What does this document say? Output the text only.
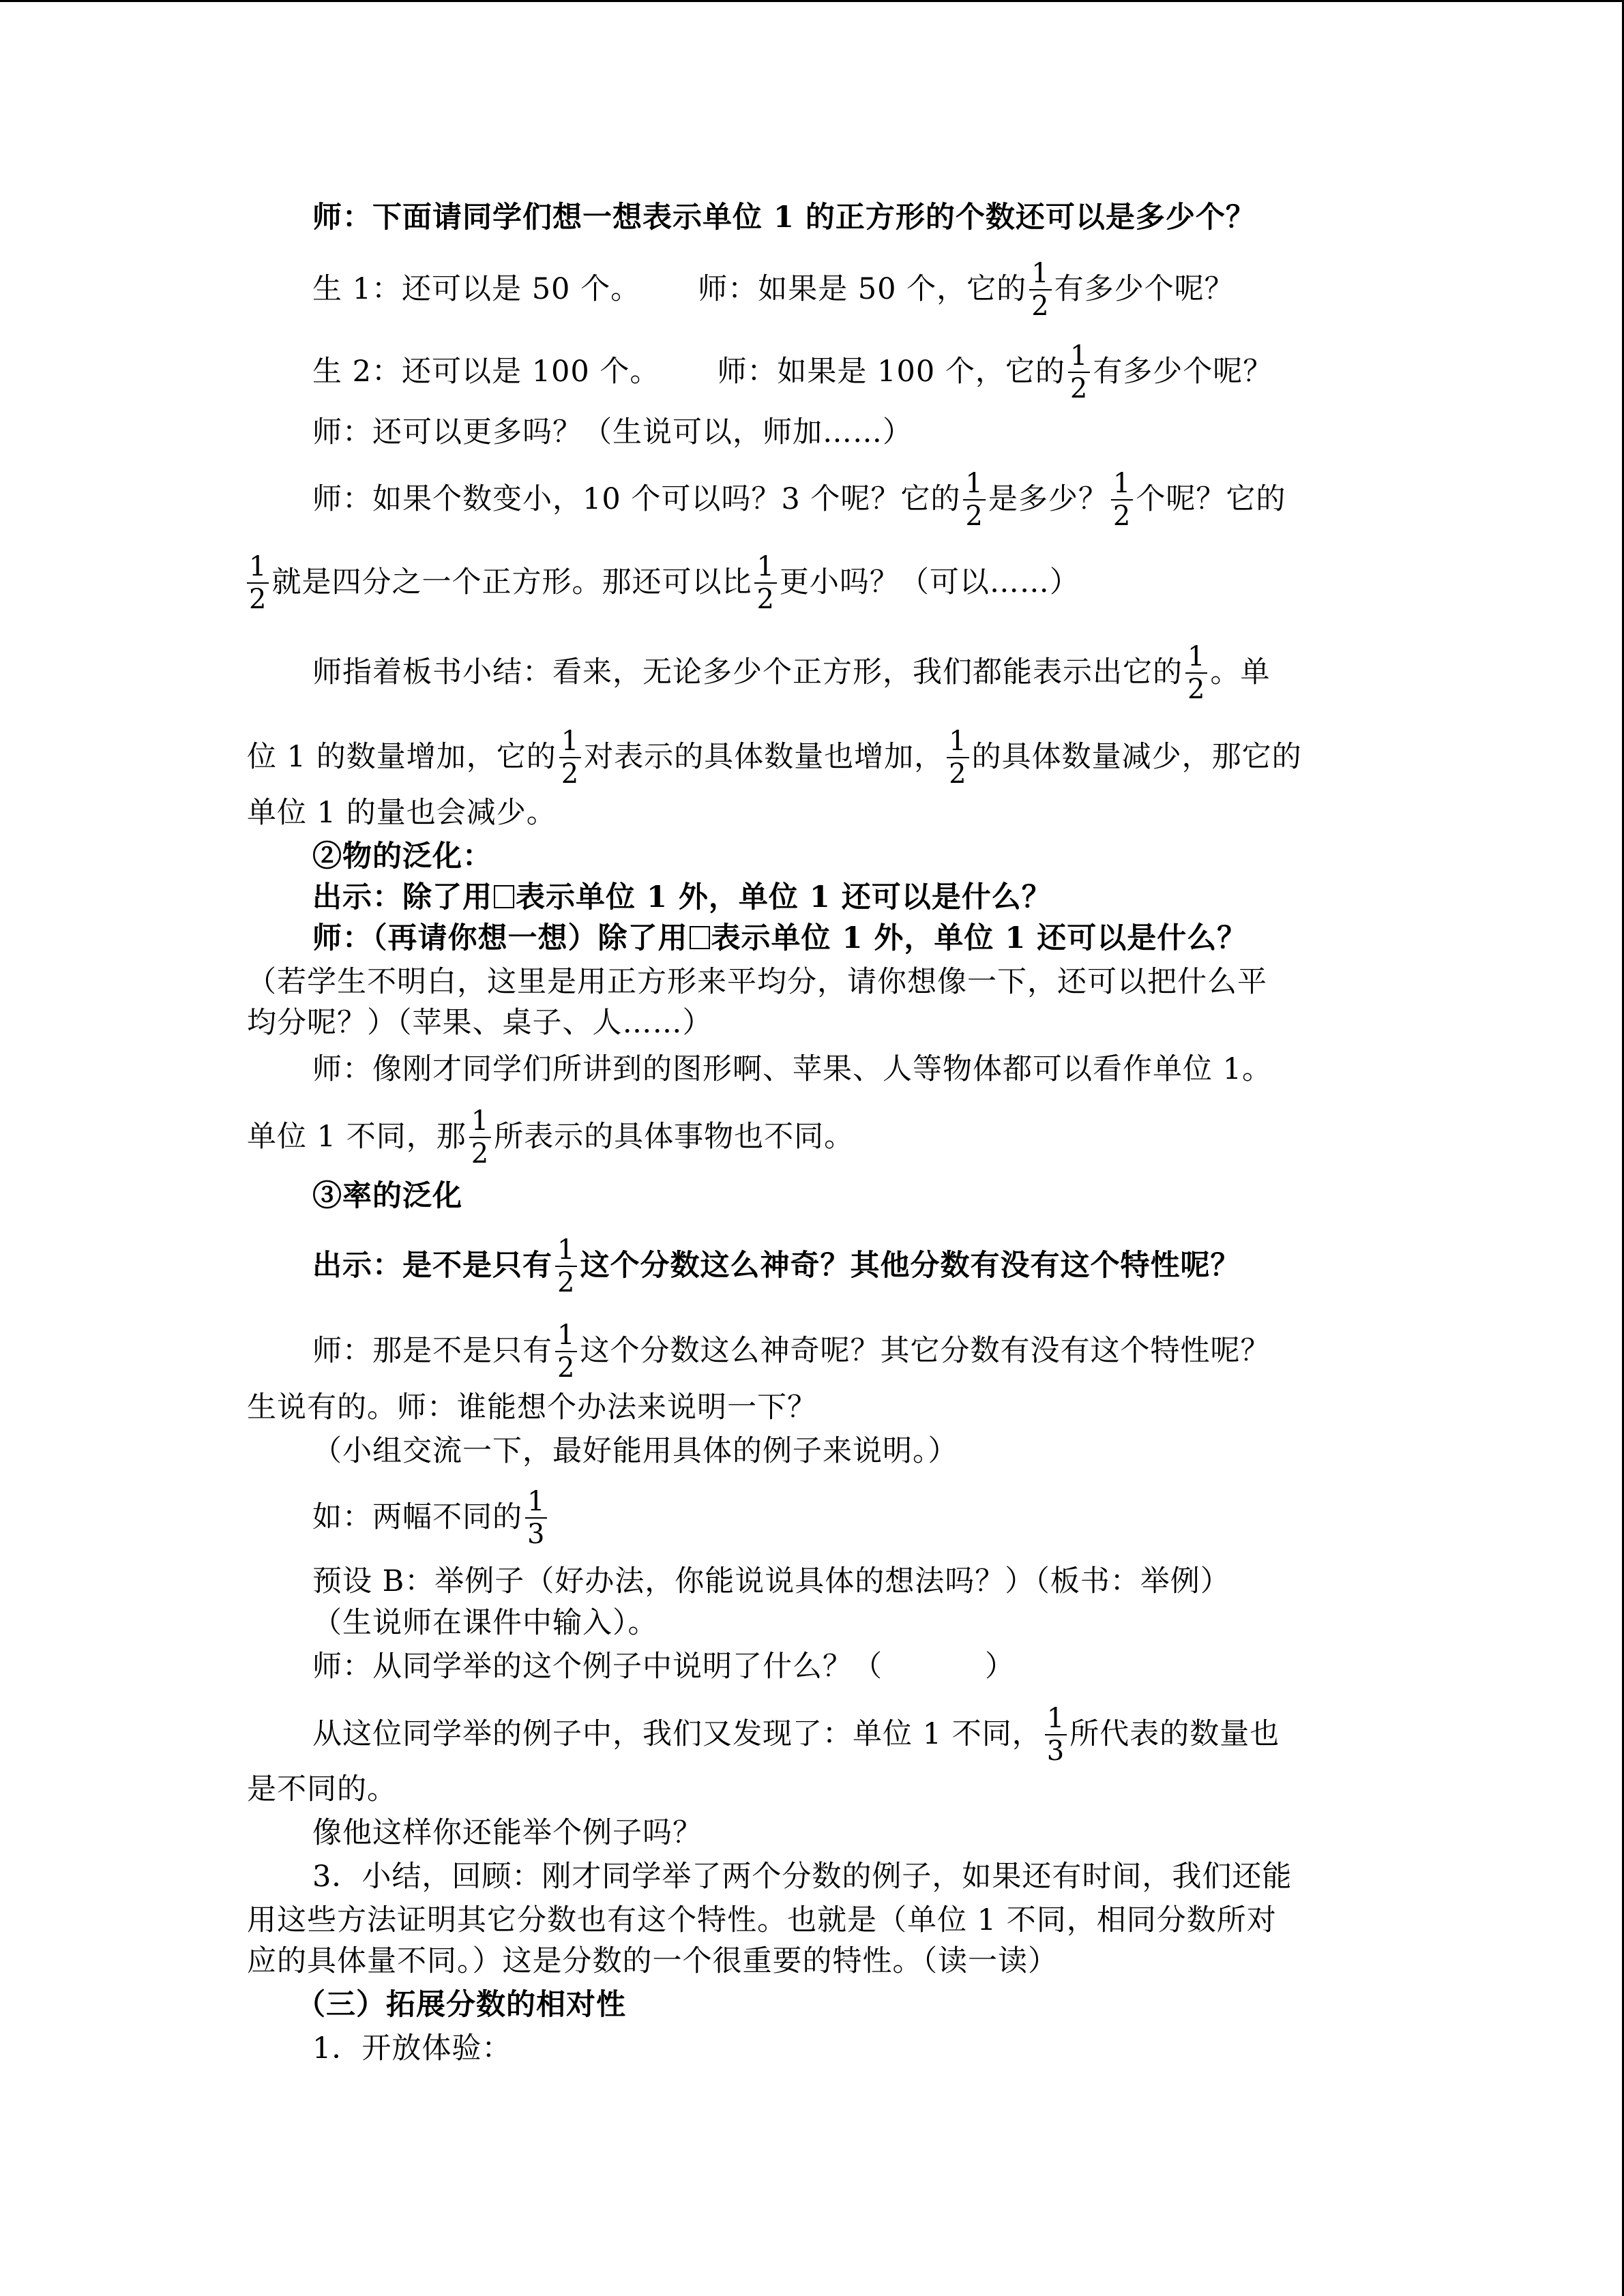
师：下面请同学们想一想表示单位 1 的正方形的个数还可以是多少个？
生 1：还可以是 50 个。 师：如果是 50 个，它的 $\frac{1}{2}$ 有多少个呢？
生 2：还可以是 100 个。 师：如果是 100 个，它的 $\frac{1}{2}$ 有多少个呢？
师：还可以更多吗？（生说可以，师加……）
师：如果个数变小，10 个可以吗？3 个呢？它的 $\frac{1}{2}$ 是多少？ $\frac{1}{2}$ 个呢？它的
$\frac{1}{2}$ 就是四分之一个正方形。那还可以比 $\frac{1}{2}$ 更小吗？（可以……）
师指着板书小结：看来，无论多少个正方形，我们都能表示出它的 $\frac{1}{2}$ 。单
位 1 的数量增加，它的 $\frac{1}{2}$ 对表示的具体数量也增加， $\frac{1}{2}$ 的具体数量减少，那它的
单位 1 的量也会减少。
②物的泛化：
出示：除了用 表示单位 1 外，单位 1 还可以是什么？
师：（再请你想一想）除了用 表示单位 1 外，单位 1 还可以是什么？
（若学生不明白，这里是用正方形来平均分，请你想像一下，还可以把什么平
均分呢？）（苹果、桌子、人……）
师：像刚才同学们所讲到的图形啊、苹果、人等物体都可以看作单位 1。
单位 1 不同，那 $\frac{1}{2}$ 所表示的具体事物也不同。
③率的泛化
出示：是不是只有 $\frac{1}{2}$ 这个分数这么神奇？其他分数有没有这个特性呢？
师：那是不是只有 $\frac{1}{2}$ 这个分数这么神奇呢？其它分数有没有这个特性呢？
生说有的。师：谁能想个办法来说明一下？
（小组交流一下，最好能用具体的例子来说明。）
如：两幅不同的 $\frac{1}{3}$
预设 B：举例子（好办法，你能说说具体的想法吗？）（板书：举例）
（生说师在课件中输入）。
师：从同学举的这个例子中说明了什么？（	）
从这位同学举的例子中，我们又发现了：单位 1 不同， $\frac{1}{3}$ 所代表的数量也
是不同的。
像他这样你还能举个例子吗？
3．小结，回顾：刚才同学举了两个分数的例子，如果还有时间，我们还能
用这些方法证明其它分数也有这个特性。也就是（单位 1 不同，相同分数所对
应的具体量不同。）这是分数的一个很重要的特性。（读一读）
（三）拓展分数的相对性
1．开放体验：
